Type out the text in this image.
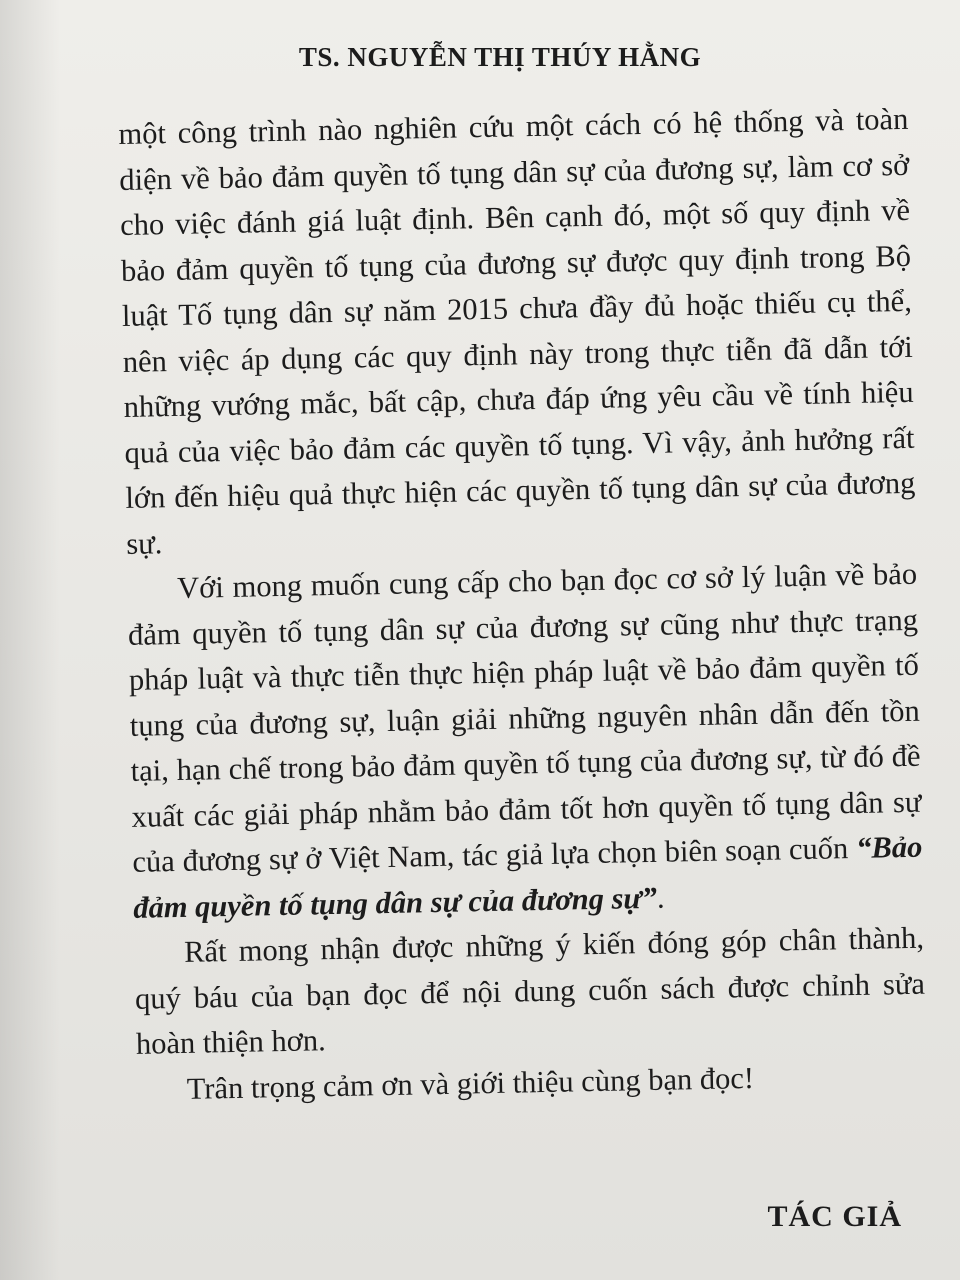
TS. NGUYỄN THỊ THÚY HẰNG

một công trình nào nghiên cứu một cách có hệ thống và toàn diện về bảo đảm quyền tố tụng dân sự của đương sự, làm cơ sở cho việc đánh giá luật định. Bên cạnh đó, một số quy định về bảo đảm quyền tố tụng của đương sự được quy định trong Bộ luật Tố tụng dân sự năm 2015 chưa đầy đủ hoặc thiếu cụ thể, nên việc áp dụng các quy định này trong thực tiễn đã dẫn tới những vướng mắc, bất cập, chưa đáp ứng yêu cầu về tính hiệu quả của việc bảo đảm các quyền tố tụng. Vì vậy, ảnh hưởng rất lớn đến hiệu quả thực hiện các quyền tố tụng dân sự của đương sự.

Với mong muốn cung cấp cho bạn đọc cơ sở lý luận về bảo đảm quyền tố tụng dân sự của đương sự cũng như thực trạng pháp luật và thực tiễn thực hiện pháp luật về bảo đảm quyền tố tụng của đương sự, luận giải những nguyên nhân dẫn đến tồn tại, hạn chế trong bảo đảm quyền tố tụng của đương sự, từ đó đề xuất các giải pháp nhằm bảo đảm tốt hơn quyền tố tụng dân sự của đương sự ở Việt Nam, tác giả lựa chọn biên soạn cuốn “Bảo đảm quyền tố tụng dân sự của đương sự”.

Rất mong nhận được những ý kiến đóng góp chân thành, quý báu của bạn đọc để nội dung cuốn sách được chỉnh sửa hoàn thiện hơn.

Trân trọng cảm ơn và giới thiệu cùng bạn đọc!

TÁC GIẢ
